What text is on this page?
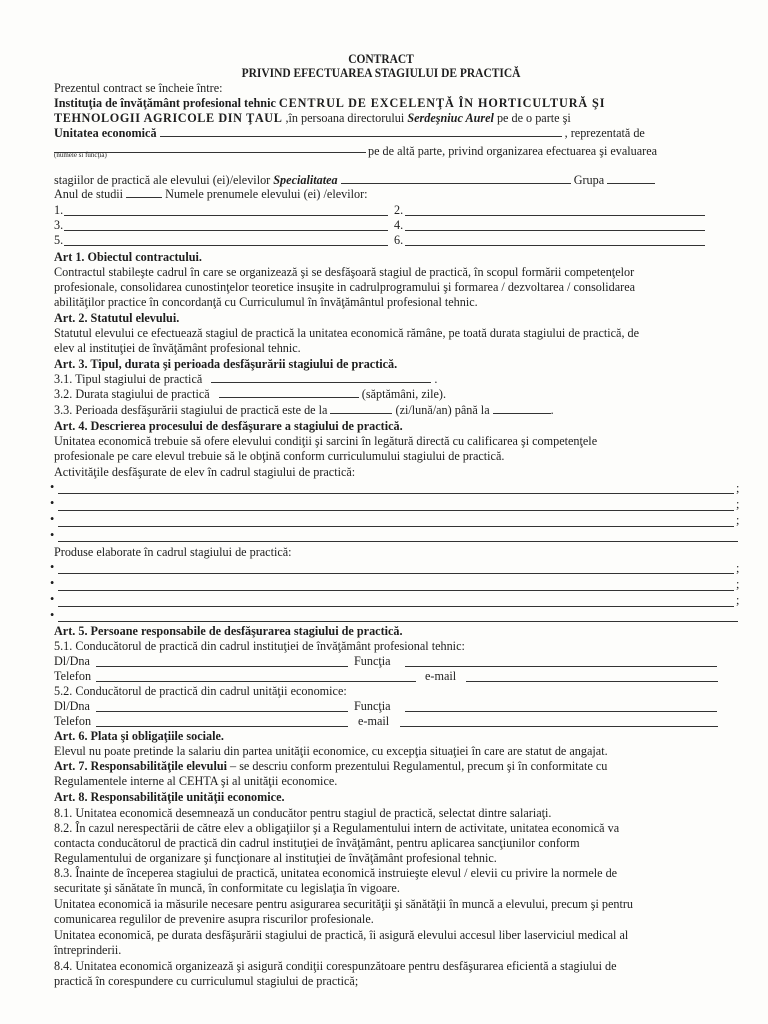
CONTRACT
PRIVIND EFECTUAREA STAGIULUI DE PRACTICĂ
Prezentul contract se încheie între:
Instituţia de învăţământ profesional tehnic CENTRUL DE EXCELENŢĂ ÎN HORTICULTURĂ ŞI
TEHNOLOGII AGRICOLE DIN ŢAUL ,în persoana directorului Serdeşniuc Aurel pe de o parte şi
Unitatea economică	, reprezentată de
(numele si funcţia)	pe de altă parte, privind organizarea efectuarea şi evaluarea
stagiilor de practică ale elevului (ei)/elevilor Specialitatea	Grupa
Anul de studii	Numele prenumele elevului (ei) /elevilor:
1.	2.
3.	4.
5.	6.
Art 1. Obiectul contractului.
Contractul stabileşte cadrul în care se organizează şi se desfăşoară stagiul de practică, în scopul formării competenţelor
profesionale, consolidarea cunostinţelor teoretice insuşite in cadrulprogramului şi formarea / dezvoltarea / consolidarea
abilităţilor practice în concordanţă cu Curriculumul în învăţământul profesional tehnic.
Art. 2. Statutul elevului.
Statutul elevului ce efectuează stagiul de practică la unitatea economică rămâne, pe toată durata stagiului de practică, de
elev al instituţiei de învăţământ profesional tehnic.
Art. 3. Tipul, durata şi perioada desfăşurării stagiului de practică.
3.1. Tipul stagiului de practică	.
3.2. Durata stagiului de practică	(săptămâni, zile).
3.3. Perioada desfăşurării stagiului de practică este de la	(zi/lună/an) până la	.
Art. 4. Descrierea procesului de desfăşurare a stagiului de practică.
Unitatea economică trebuie să ofere elevului condiţii şi sarcini în legătură directă cu calificarea şi competenţele
profesionale pe care elevul trebuie să le obţină conform curriculumului stagiului de practică.
Activităţile desfăşurate de elev în cadrul stagiului de practică:
•	;
•	;
•	;
•
Produse elaborate în cadrul stagiului de practică:
•	;
•	;
•	;
•
Art. 5. Persoane responsabile de desfăşurarea stagiului de practică.
5.1. Conducătorul de practică din cadrul instituţiei de învăţământ profesional tehnic:
Dl/Dna	Funcţia
Telefon	e-mail
5.2. Conducătorul de practică din cadrul unităţii economice:
Dl/Dna	Funcţia
Telefon	e-mail
Art. 6. Plata şi obligaţiile sociale.
Elevul nu poate pretinde la salariu din partea unităţii economice, cu excepţia situaţiei în care are statut de angajat.
Art. 7. Responsabilităţile elevului – se descriu conform prezentului Regulamentul, precum şi în conformitate cu
Regulamentele interne al CEHTA şi al unităţii economice.
Art. 8. Responsabilităţile unităţii economice.
8.1. Unitatea economică desemnează un conducător pentru stagiul de practică, selectat dintre salariaţi.
8.2. În cazul nerespectării de către elev a obligaţiilor şi a Regulamentului intern de activitate, unitatea economică va
contacta conducătorul de practică din cadrul instituţiei de învăţământ, pentru aplicarea sancţiunilor conform
Regulamentului de organizare şi funcţionare al instituţiei de învăţământ profesional tehnic.
8.3. Înainte de începerea stagiului de practică, unitatea economică instruieşte elevul / elevii cu privire la normele de
securitate şi sănătate în muncă, în conformitate cu legislaţia în vigoare.
Unitatea economică ia măsurile necesare pentru asigurarea securităţii şi sănătăţii în muncă a elevului, precum şi pentru
comunicarea regulilor de prevenire asupra riscurilor profesionale.
Unitatea economică, pe durata desfăşurării stagiului de practică, îi asigură elevului accesul liber laserviciul medical al
întreprinderii.
8.4. Unitatea economică organizează şi asigură condiţii corespunzătoare pentru desfăşurarea eficientă a stagiului de
practică în corespundere cu curriculumul stagiului de practică;
